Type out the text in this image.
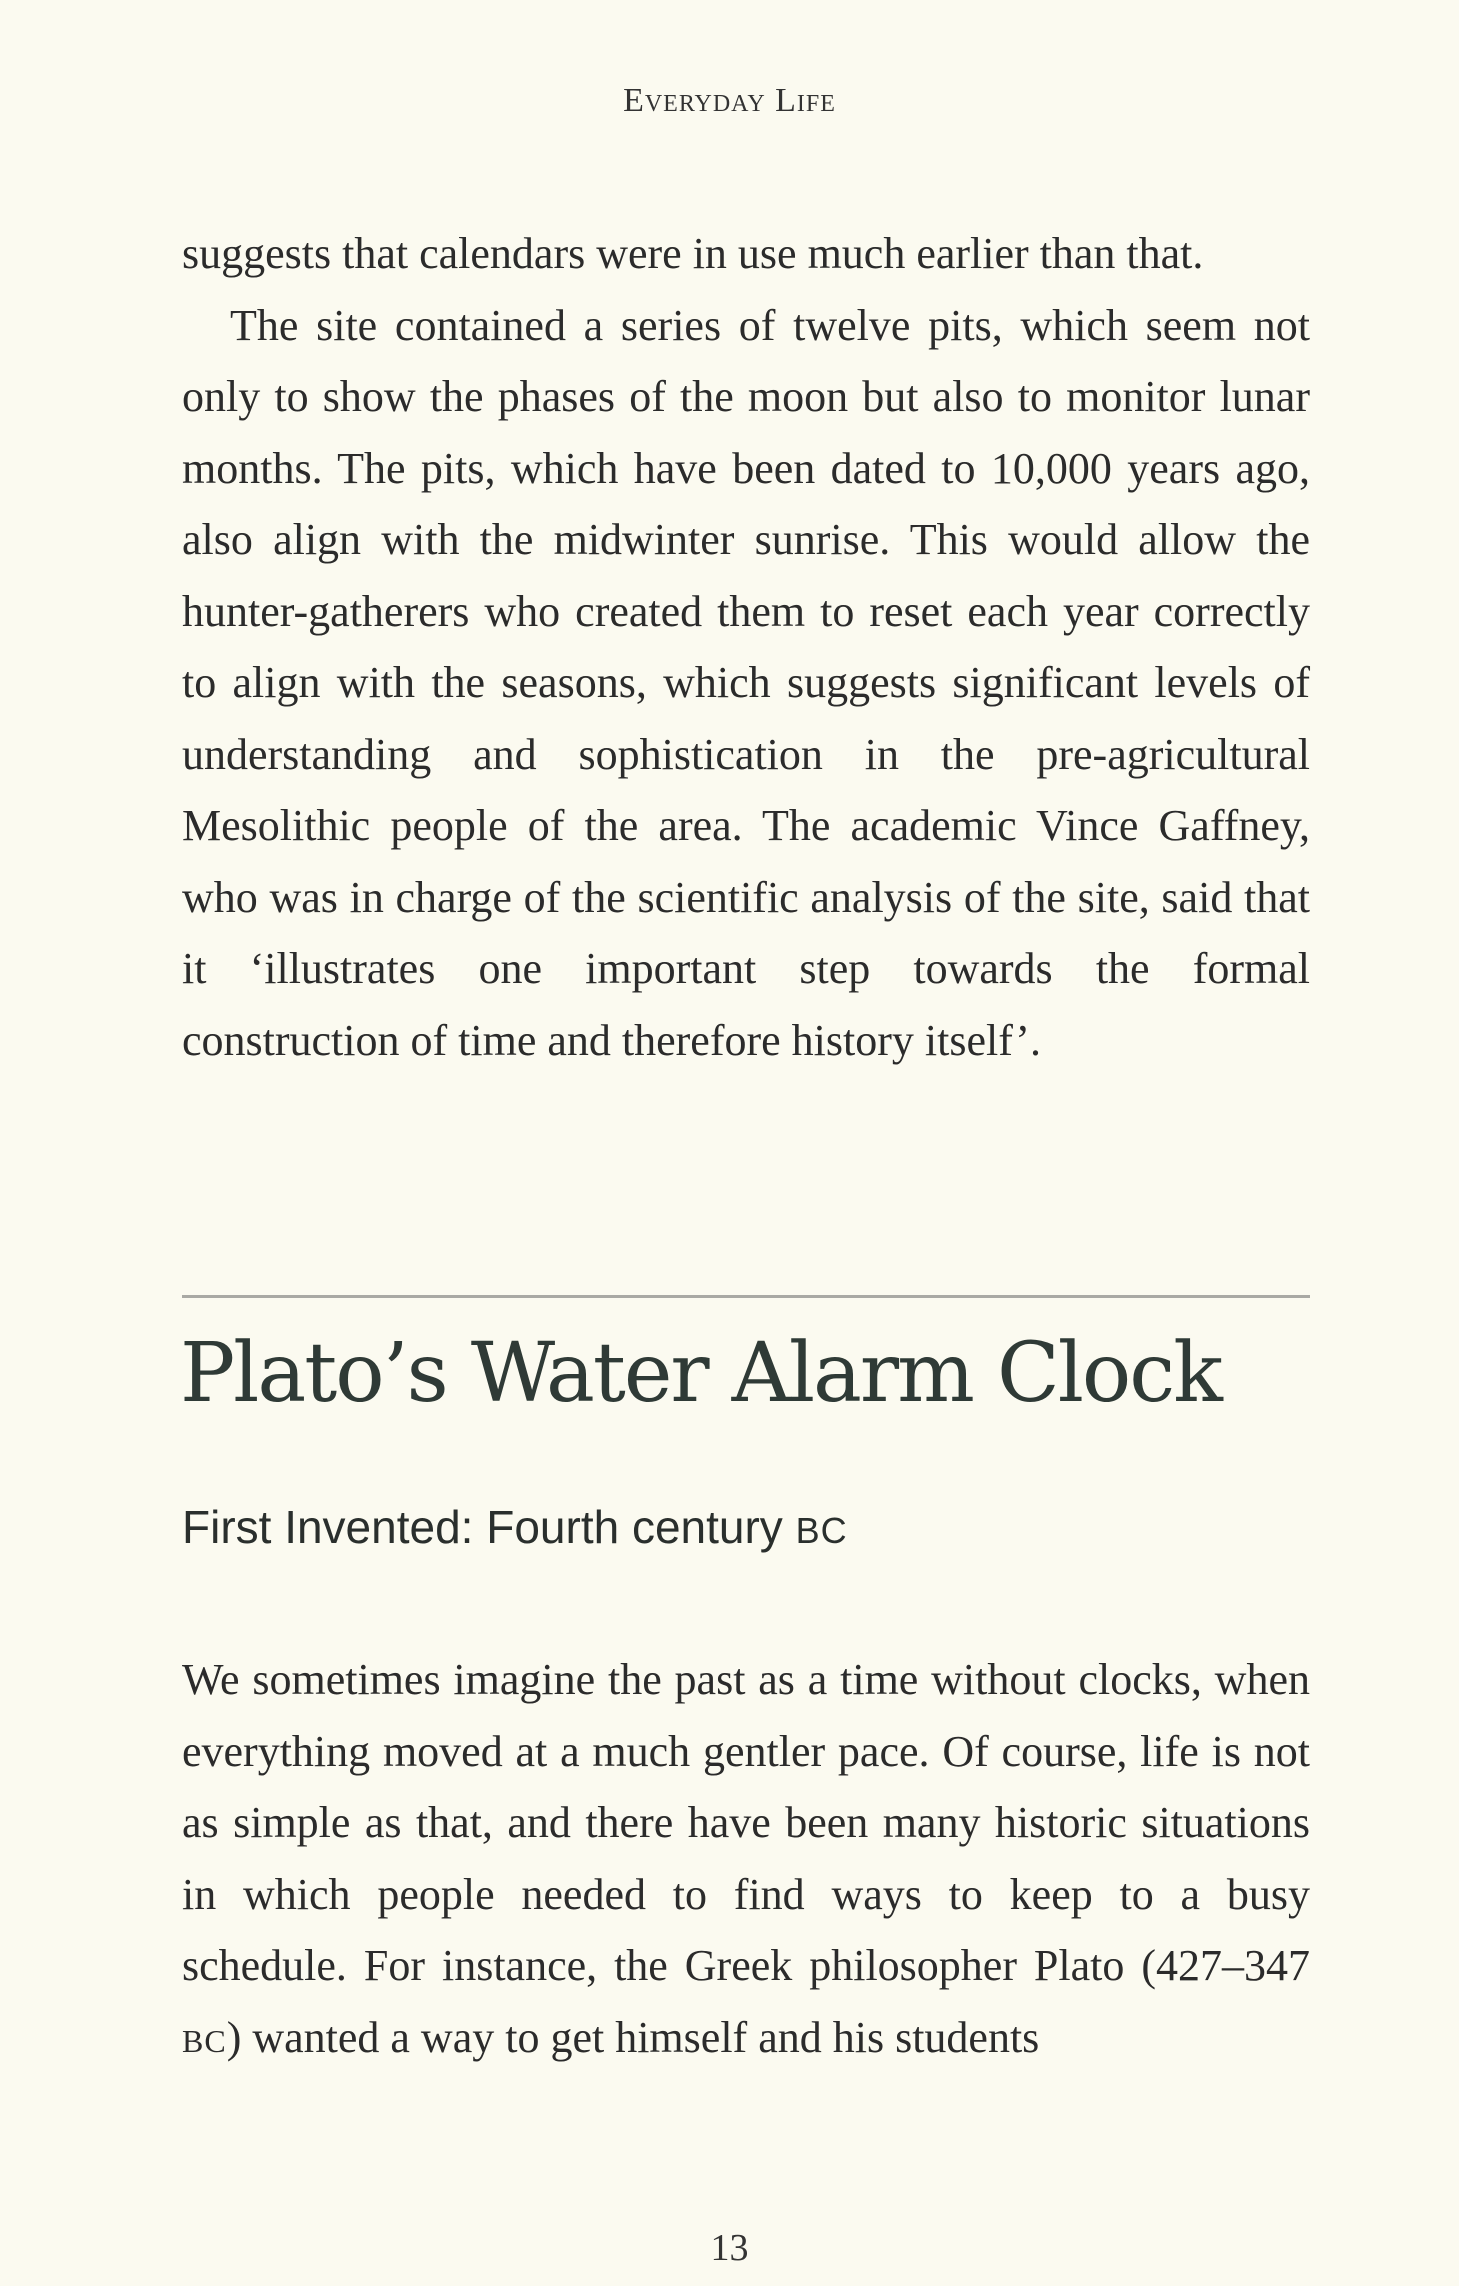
Everyday Life

suggests that calendars were in use much earlier than that.

The site contained a series of twelve pits, which seem not only to show the phases of the moon but also to monitor lunar months. The pits, which have been dated to 10,000 years ago, also align with the midwinter sunrise. This would allow the hunter-gatherers who created them to reset each year correctly to align with the seasons, which suggests significant levels of understanding and sophistication in the pre-agricultural Mesolithic people of the area. The academic Vince Gaffney, who was in charge of the scientific analysis of the site, said that it ‘illustrates one important step towards the formal construction of time and therefore history itself’.

Plato’s Water Alarm Clock
First Invented: Fourth century BC

We sometimes imagine the past as a time without clocks, when everything moved at a much gentler pace. Of course, life is not as simple as that, and there have been many historic situations in which people needed to find ways to keep to a busy schedule. For instance, the Greek philosopher Plato (427–347 BC) wanted a way to get himself and his students

13
